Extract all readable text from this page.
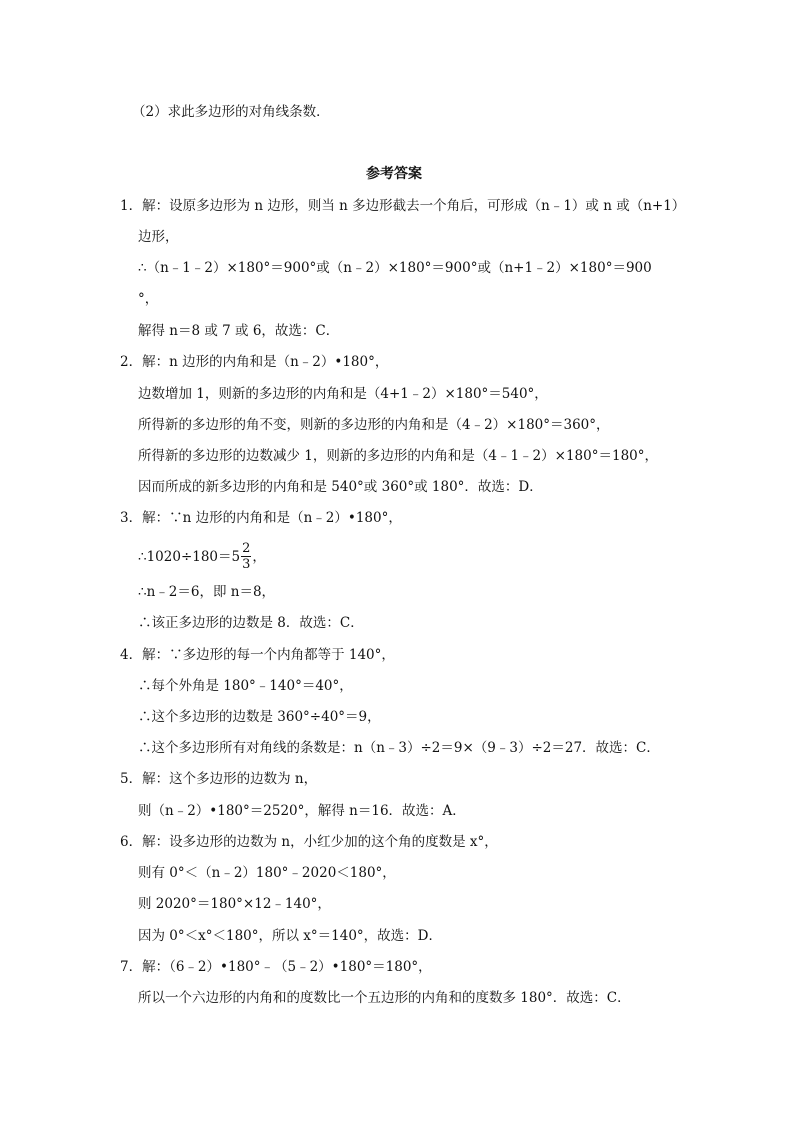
（2）求此多边形的对角线条数．
参考答案
1．解：设原多边形为 n 边形，则当 n 多边形截去一个角后，可形成（n﹣1）或 n 或（n+1）
边形，
∴（n﹣1﹣2）×180°＝900°或（n﹣2）×180°＝900°或（n+1﹣2）×180°＝900
°，
解得 n＝8 或 7 或 6，故选：C．
2．解：n 边形的内角和是（n﹣2）•180°，
边数增加 1，则新的多边形的内角和是（4+1﹣2）×180°＝540°，
所得新的多边形的角不变，则新的多边形的内角和是（4﹣2）×180°＝360°，
所得新的多边形的边数减少 1，则新的多边形的内角和是（4﹣1﹣2）×180°＝180°，
因而所成的新多边形的内角和是 540°或 360°或 180°．故选：D．
3．解：∵n 边形的内角和是（n﹣2）•180°，
∴1020÷180＝5 $\frac{2}{3}$ ，
∴n﹣2＝6，即 n＝8，
∴该正多边形的边数是 8．故选：C．
4．解：∵多边形的每一个内角都等于 140°，
∴每个外角是 180°﹣140°＝40°，
∴这个多边形的边数是 360°÷40°＝9，
∴这个多边形所有对角线的条数是：n（n﹣3）÷2＝9×（9﹣3）÷2＝27．故选：C．
5．解：这个多边形的边数为 n，
则（n﹣2）•180°＝2520°，解得 n＝16．故选：A．
6．解：设多边形的边数为 n，小红少加的这个角的度数是 x°，
则有 0°＜（n﹣2）180°﹣2020＜180°，
则 2020°＝180°×12﹣140°，
因为 0°＜x°＜180°，所以 x°＝140°，故选：D．
7．解：（6﹣2）•180°﹣（5﹣2）•180°＝180°，
所以一个六边形的内角和的度数比一个五边形的内角和的度数多 180°．故选：C．
